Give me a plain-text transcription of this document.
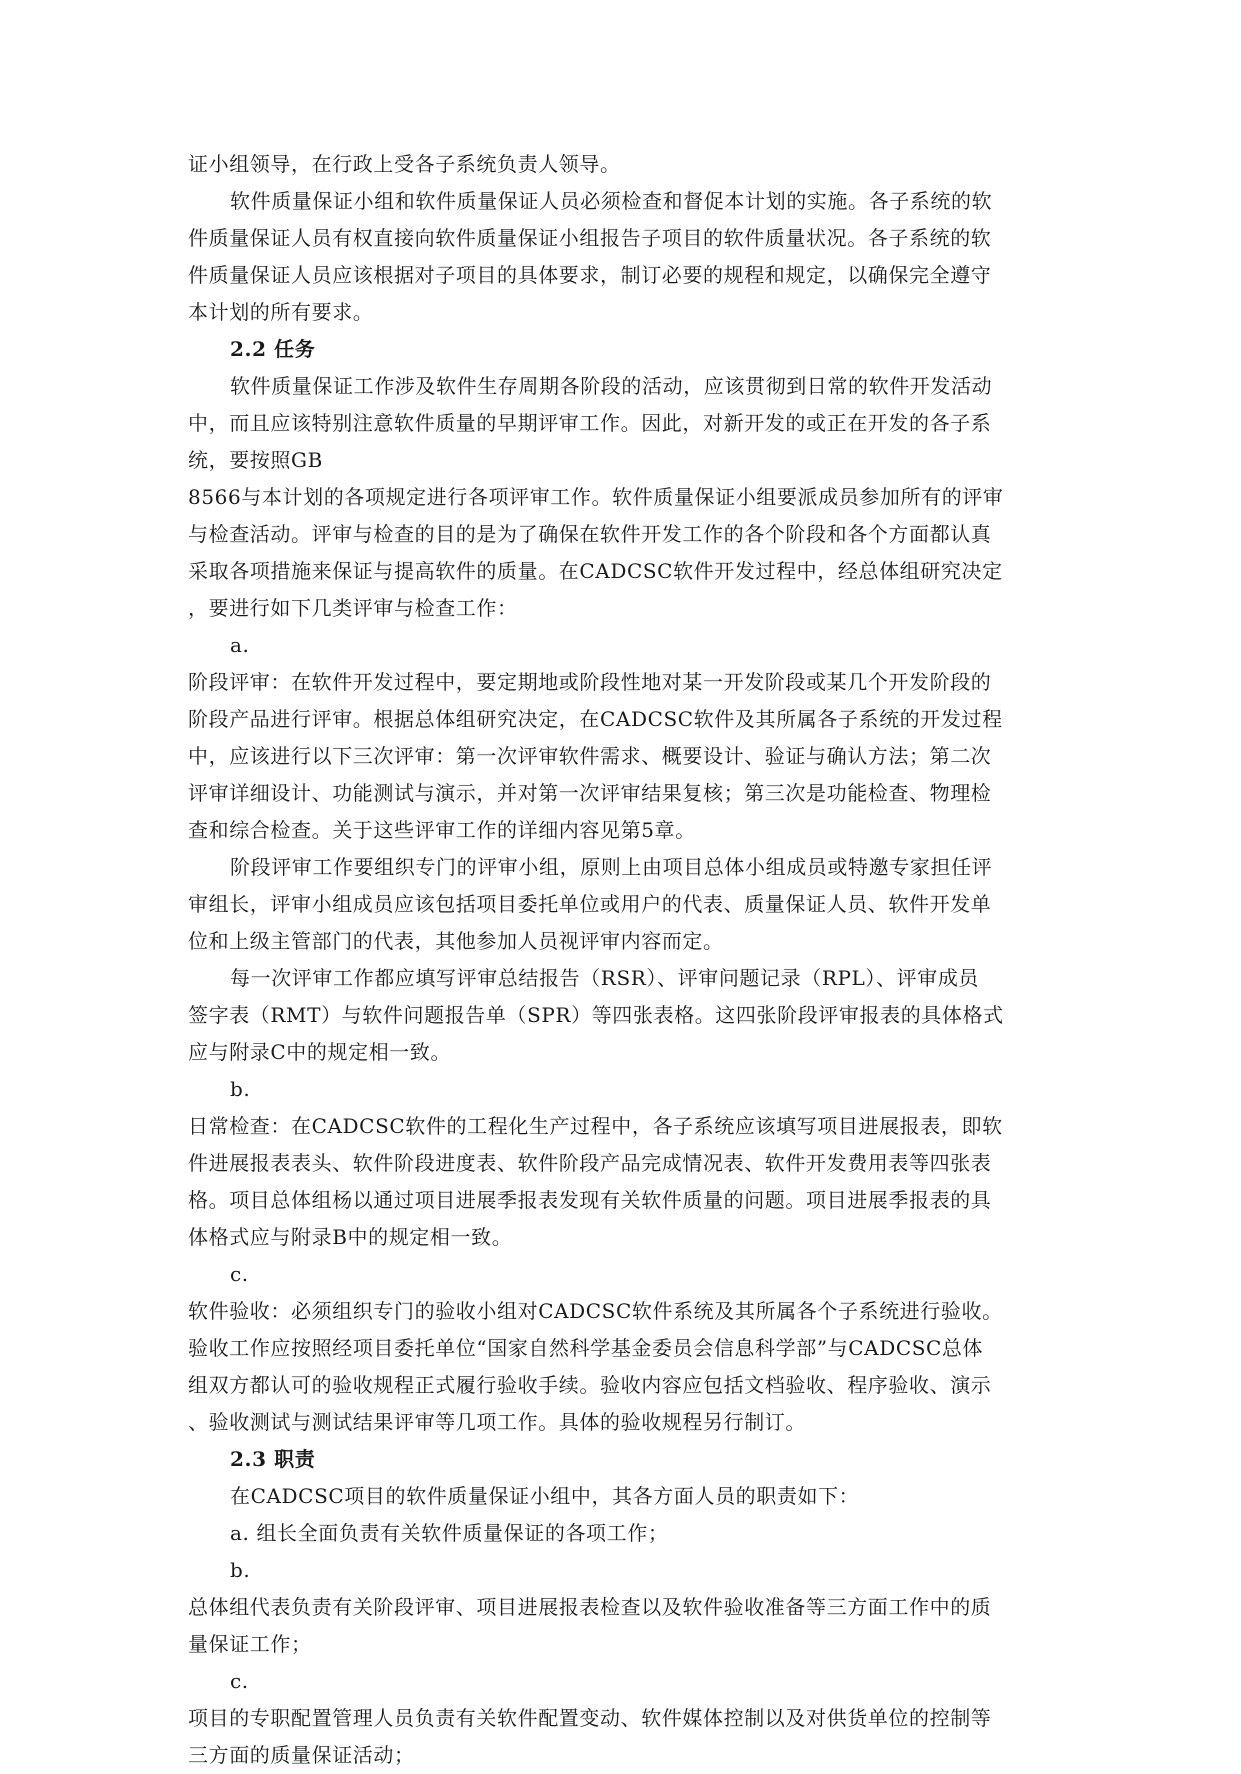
证小组领导，在行政上受各子系统负责人领导。
软件质量保证小组和软件质量保证人员必须检查和督促本计划的实施。各子系统的软
件质量保证人员有权直接向软件质量保证小组报告子项目的软件质量状况。各子系统的软
件质量保证人员应该根据对子项目的具体要求，制订必要的规程和规定，以确保完全遵守
本计划的所有要求。
2.2 任务
软件质量保证工作涉及软件生存周期各阶段的活动，应该贯彻到日常的软件开发活动
中，而且应该特别注意软件质量的早期评审工作。因此，对新开发的或正在开发的各子系
统，要按照GB
8566与本计划的各项规定进行各项评审工作。软件质量保证小组要派成员参加所有的评审
与检查活动。评审与检查的目的是为了确保在软件开发工作的各个阶段和各个方面都认真
采取各项措施来保证与提高软件的质量。在CADCSC软件开发过程中，经总体组研究决定
，要进行如下几类评审与检查工作：
a.
阶段评审：在软件开发过程中，要定期地或阶段性地对某一开发阶段或某几个开发阶段的
阶段产品进行评审。根据总体组研究决定，在CADCSC软件及其所属各子系统的开发过程
中，应该进行以下三次评审：第一次评审软件需求、概要设计、验证与确认方法；第二次
评审详细设计、功能测试与演示，并对第一次评审结果复核；第三次是功能检查、物理检
查和综合检查。关于这些评审工作的详细内容见第5章。
阶段评审工作要组织专门的评审小组，原则上由项目总体小组成员或特邀专家担任评
审组长，评审小组成员应该包括项目委托单位或用户的代表、质量保证人员、软件开发单
位和上级主管部门的代表，其他参加人员视评审内容而定。
每一次评审工作都应填写评审总结报告（RSR）、评审问题记录（RPL）、评审成员
签字表（RMT）与软件问题报告单（SPR）等四张表格。这四张阶段评审报表的具体格式
应与附录C中的规定相一致。
b.
日常检查：在CADCSC软件的工程化生产过程中，各子系统应该填写项目进展报表，即软
件进展报表表头、软件阶段进度表、软件阶段产品完成情况表、软件开发费用表等四张表
格。项目总体组杨以通过项目进展季报表发现有关软件质量的问题。项目进展季报表的具
体格式应与附录B中的规定相一致。
c.
软件验收：必须组织专门的验收小组对CADCSC软件系统及其所属各个子系统进行验收。
验收工作应按照经项目委托单位“国家自然科学基金委员会信息科学部”与CADCSC总体
组双方都认可的验收规程正式履行验收手续。验收内容应包括文档验收、程序验收、演示
、验收测试与测试结果评审等几项工作。具体的验收规程另行制订。
2.3 职责
在CADCSC项目的软件质量保证小组中，其各方面人员的职责如下：
a. 组长全面负责有关软件质量保证的各项工作；
b.
总体组代表负责有关阶段评审、项目进展报表检查以及软件验收准备等三方面工作中的质
量保证工作；
c.
项目的专职配置管理人员负责有关软件配置变动、软件媒体控制以及对供货单位的控制等
三方面的质量保证活动；
